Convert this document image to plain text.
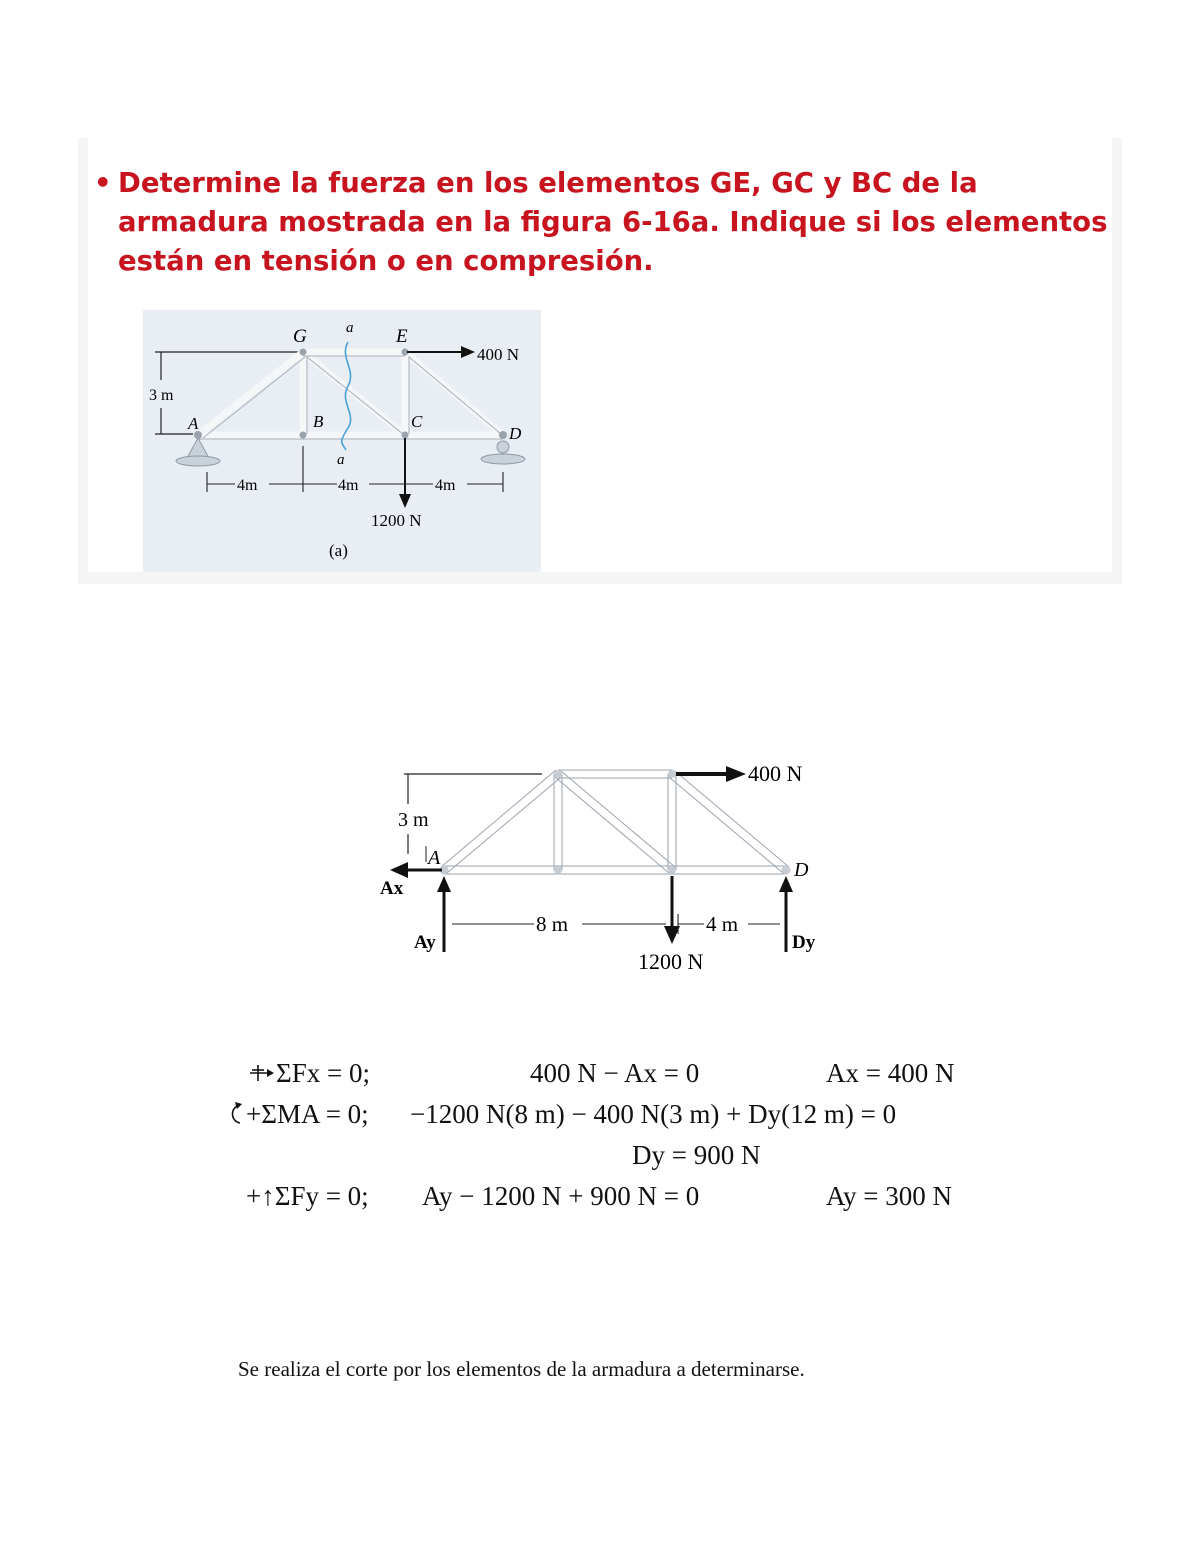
• Determine la fuerza en los elementos GE, GC y BC de la armadura mostrada en la figura 6-16a. Indique si los elementos están en tensión o en compresión.

3 m
G	E
A	B	C
D
a
a
400 N
1200 N
4m	4m	4m
(a)
3 m
A
D
Ax
Ay	Dy
400 N
1200 N
8 m	4 m
ΣFx = 0;	400 N − Ax = 0	Ax = 400 N
+ΣMA = 0; −1200 N(8 m) − 400 N(3 m) + Dy(12 m) = 0
Dy = 900 N
+↑ΣFy = 0; Ay − 1200 N + 900 N = 0	Ay = 300 N

Se realiza el corte por los elementos de la armadura a determinarse.
